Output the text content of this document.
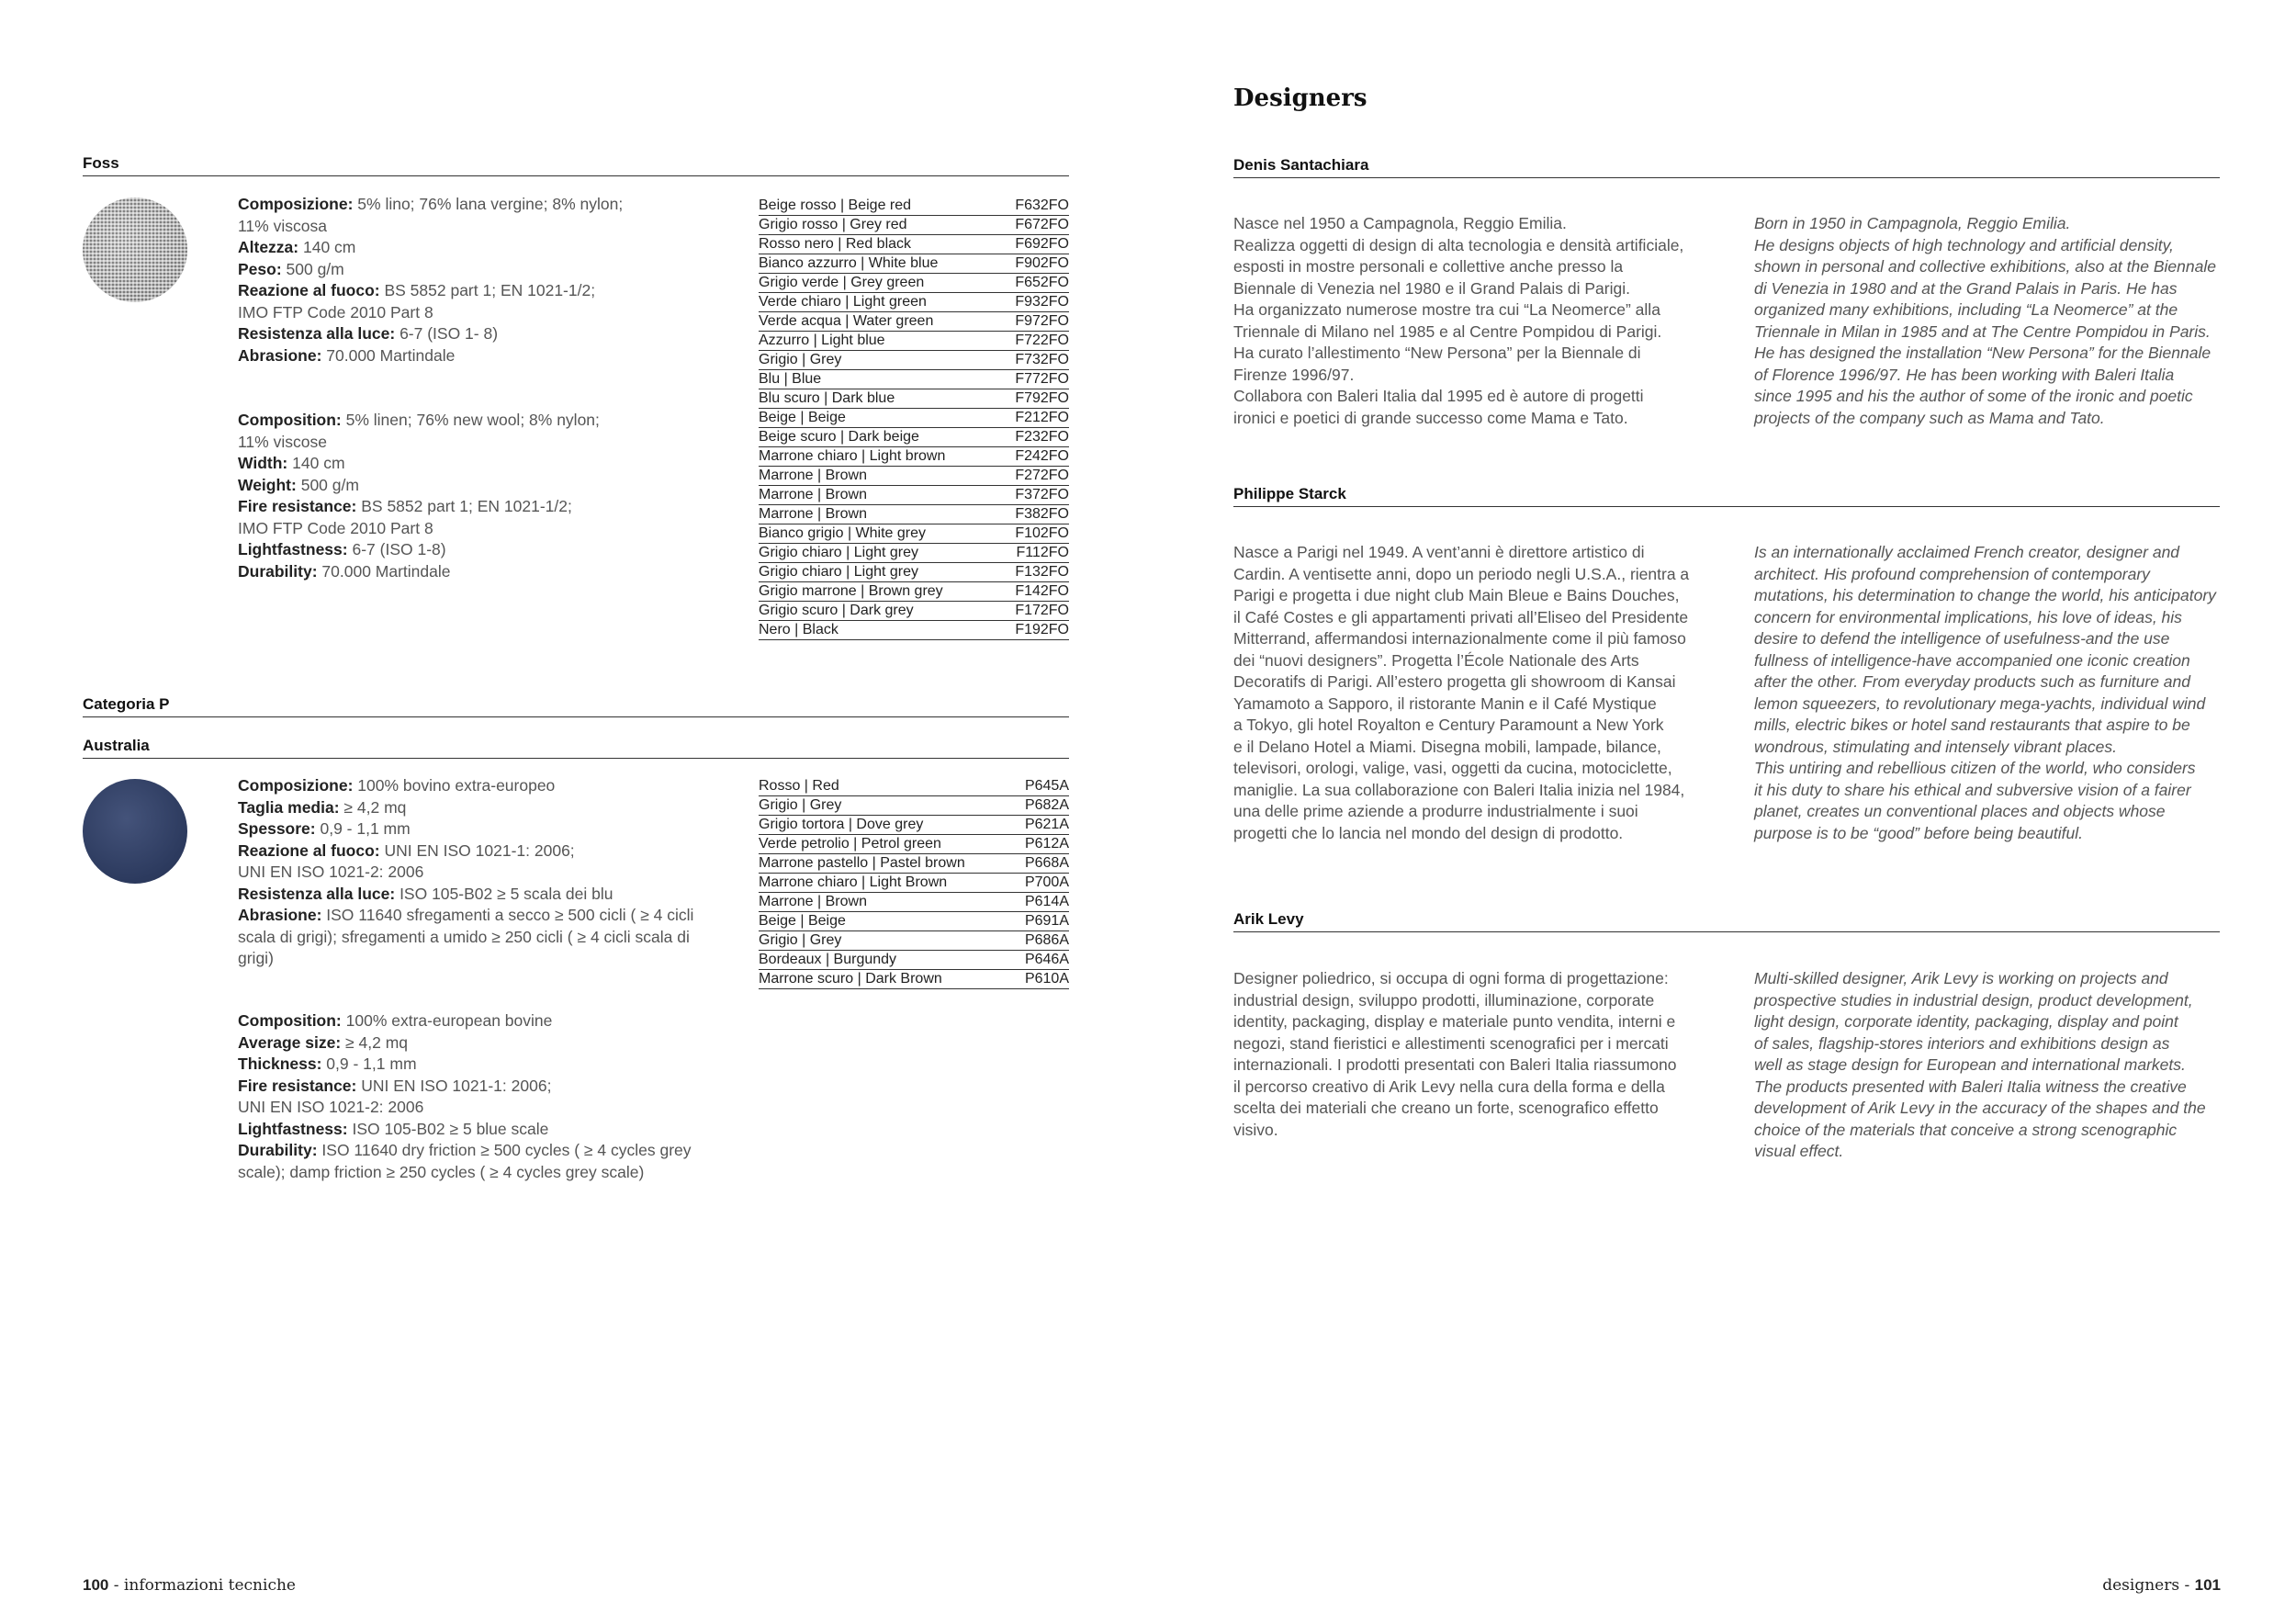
Foss
Composizione: 5% lino; 76% lana vergine; 8% nylon;
11% viscosa
Altezza: 140 cm
Peso: 500 g/m
Reazione al fuoco: BS 5852 part 1; EN 1021-1/2;
IMO FTP Code 2010 Part 8
Resistenza alla luce: 6-7 (ISO 1- 8)
Abrasione: 70.000 Martindale
Composition: 5% linen; 76% new wool; 8% nylon;
11% viscose
Width: 140 cm
Weight: 500 g/m
Fire resistance: BS 5852 part 1; EN 1021-1/2;
IMO FTP Code 2010 Part 8
Lightfastness: 6-7 (ISO 1-8)
Durability: 70.000 Martindale
Beige rosso | Beige red	F632FO
Grigio rosso | Grey red	F672FO
Rosso nero | Red black	F692FO
Bianco azzurro | White blue	F902FO
Grigio verde | Grey green	F652FO
Verde chiaro | Light green	F932FO
Verde acqua | Water green	F972FO
Azzurro | Light blue	F722FO
Grigio | Grey	F732FO
Blu | Blue	F772FO
Blu scuro | Dark blue	F792FO
Beige | Beige	F212FO
Beige scuro | Dark beige	F232FO
Marrone chiaro | Light brown	F242FO
Marrone | Brown	F272FO
Marrone | Brown	F372FO
Marrone | Brown	F382FO
Bianco grigio | White grey	F102FO
Grigio chiaro | Light grey	F112FO
Grigio chiaro | Light grey	F132FO
Grigio marrone | Brown grey	F142FO
Grigio scuro | Dark grey	F172FO
Nero | Black	F192FO
Categoria P
Australia
Composizione: 100% bovino extra-europeo
Taglia media: ≥ 4,2 mq
Spessore: 0,9 - 1,1 mm
Reazione al fuoco: UNI EN ISO 1021-1: 2006;
UNI EN ISO 1021-2: 2006
Resistenza alla luce: ISO 105-B02 ≥ 5 scala dei blu
Abrasione: ISO 11640 sfregamenti a secco ≥ 500 cicli ( ≥ 4 cicli
scala di grigi); sfregamenti a umido ≥ 250 cicli ( ≥ 4 cicli scala di
grigi)
Composition: 100% extra-european bovine
Average size: ≥ 4,2 mq
Thickness: 0,9 - 1,1 mm
Fire resistance: UNI EN ISO 1021-1: 2006;
UNI EN ISO 1021-2: 2006
Lightfastness: ISO 105-B02 ≥ 5 blue scale
Durability: ISO 11640 dry friction ≥ 500 cycles ( ≥ 4 cycles grey
scale); damp friction ≥ 250 cycles ( ≥ 4 cycles grey scale)
Rosso | Red	P645A
Grigio | Grey	P682A
Grigio tortora | Dove grey	P621A
Verde petrolio | Petrol green	P612A
Marrone pastello | Pastel brown	P668A
Marrone chiaro | Light Brown	P700A
Marrone | Brown	P614A
Beige | Beige	P691A
Grigio | Grey	P686A
Bordeaux | Burgundy	P646A
Marrone scuro | Dark Brown	P610A
100 - informazioni tecniche
Designers
Denis Santachiara
Nasce nel 1950 a Campagnola, Reggio Emilia.
Realizza oggetti di design di alta tecnologia e densità artificiale,
esposti in mostre personali e collettive anche presso la
Biennale di Venezia nel 1980 e il Grand Palais di Parigi.
Ha organizzato numerose mostre tra cui “La Neomerce” alla
Triennale di Milano nel 1985 e al Centre Pompidou di Parigi.
Ha curato l’allestimento “New Persona” per la Biennale di
Firenze 1996/97.
Collabora con Baleri Italia dal 1995 ed è autore di progetti
ironici e poetici di grande successo come Mama e Tato.
Born in 1950 in Campagnola, Reggio Emilia.
He designs objects of high technology and artificial density,
shown in personal and collective exhibitions, also at the Biennale
di Venezia in 1980 and at the Grand Palais in Paris. He has
organized many exhibitions, including “La Neomerce” at the
Triennale in Milan in 1985 and at The Centre Pompidou in Paris.
He has designed the installation “New Persona” for the Biennale
of Florence 1996/97. He has been working with Baleri Italia
since 1995 and his the author of some of the ironic and poetic
projects of the company such as Mama and Tato.
Philippe Starck
Nasce a Parigi nel 1949. A vent’anni è direttore artistico di
Cardin. A ventisette anni, dopo un periodo negli U.S.A., rientra a
Parigi e progetta i due night club Main Bleue e Bains Douches,
il Café Costes e gli appartamenti privati all’Eliseo del Presidente
Mitterrand, affermandosi internazionalmente come il più famoso
dei “nuovi designers”. Progetta l’École Nationale des Arts
Decoratifs di Parigi. All’estero progetta gli showroom di Kansai
Yamamoto a Sapporo, il ristorante Manin e il Café Mystique
a Tokyo, gli hotel Royalton e Century Paramount a New York
e il Delano Hotel a Miami. Disegna mobili, lampade, bilance,
televisori, orologi, valige, vasi, oggetti da cucina, motociclette,
maniglie. La sua collaborazione con Baleri Italia inizia nel 1984,
una delle prime aziende a produrre industrialmente i suoi
progetti che lo lancia nel mondo del design di prodotto.
Is an internationally acclaimed French creator, designer and
architect. His profound comprehension of contemporary
mutations, his determination to change the world, his anticipatory
concern for environmental implications, his love of ideas, his
desire to defend the intelligence of usefulness-and the use
fullness of intelligence-have accompanied one iconic creation
after the other. From everyday products such as furniture and
lemon squeezers, to revolutionary mega-yachts, individual wind
mills, electric bikes or hotel sand restaurants that aspire to be
wondrous, stimulating and intensely vibrant places.
This untiring and rebellious citizen of the world, who considers
it his duty to share his ethical and subversive vision of a fairer
planet, creates un conventional places and objects whose
purpose is to be “good” before being beautiful.
Arik Levy
Designer poliedrico, si occupa di ogni forma di progettazione:
industrial design, sviluppo prodotti, illuminazione, corporate
identity, packaging, display e materiale punto vendita, interni e
negozi, stand fieristici e allestimenti scenografici per i mercati
internazionali. I prodotti presentati con Baleri Italia riassumono
il percorso creativo di Arik Levy nella cura della forma e della
scelta dei materiali che creano un forte, scenografico effetto
visivo.
Multi-skilled designer, Arik Levy is working on projects and
prospective studies in industrial design, product development,
light design, corporate identity, packaging, display and point
of sales, flagship-stores interiors and exhibitions design as
well as stage design for European and international markets.
The products presented with Baleri Italia witness the creative
development of Arik Levy in the accuracy of the shapes and the
choice of the materials that conceive a strong scenographic
visual effect.
designers - 101
